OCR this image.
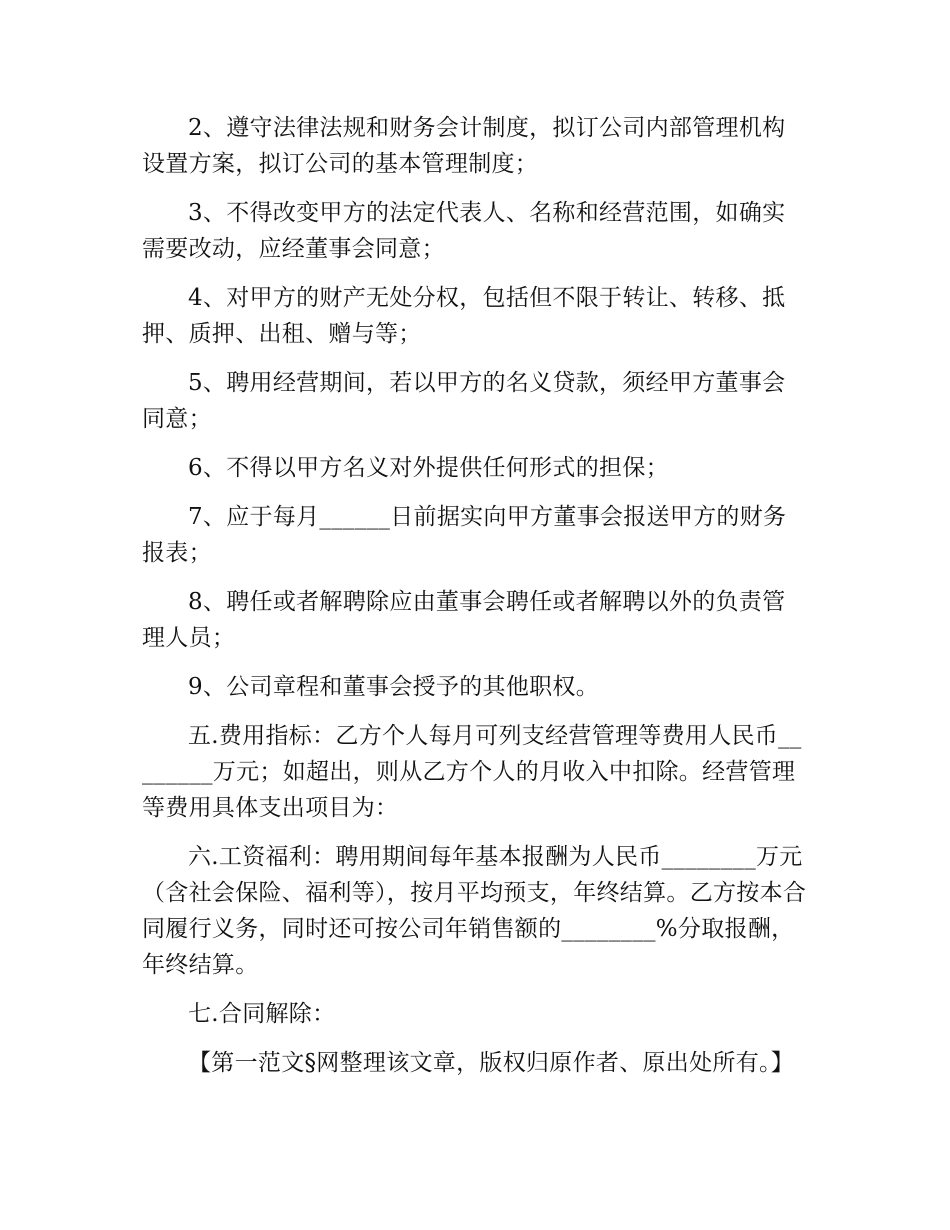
2、遵守法律法规和财务会计制度，拟订公司内部管理机构设置方案，拟订公司的基本管理制度；

3、不得改变甲方的法定代表人、名称和经营范围，如确实需要改动，应经董事会同意；

4、对甲方的财产无处分权，包括但不限于转让、转移、抵押、质押、出租、赠与等；

5、聘用经营期间，若以甲方的名义贷款，须经甲方董事会同意；

6、不得以甲方名义对外提供任何形式的担保；

7、应于每月______日前据实向甲方董事会报送甲方的财务报表；

8、聘任或者解聘除应由董事会聘任或者解聘以外的负责管理人员；

9、公司章程和董事会授予的其他职权。

五.费用指标：乙方个人每月可列支经营管理等费用人民币________万元；如超出，则从乙方个人的月收入中扣除。经营管理等费用具体支出项目为：

六.工资福利：聘用期间每年基本报酬为人民币________万元（含社会保险、福利等），按月平均预支，年终结算。乙方按本合同履行义务，同时还可按公司年销售额的________%分取报酬，年终结算。

七.合同解除：

【第一范文§网整理该文章，版权归原作者、原出处所有。】
